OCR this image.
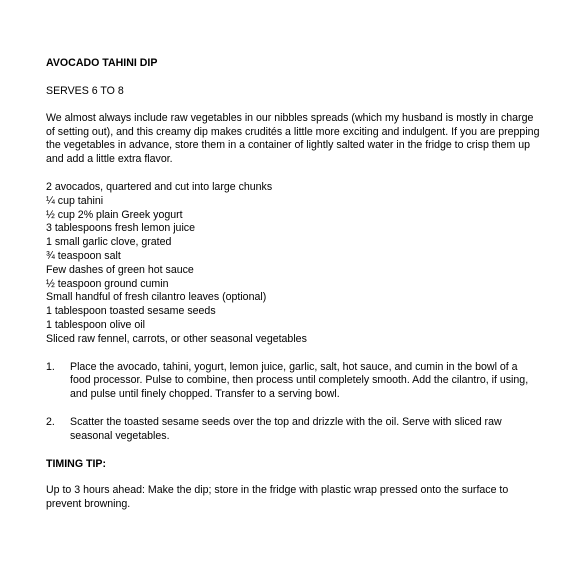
AVOCADO TAHINI DIP

SERVES 6 TO 8

We almost always include raw vegetables in our nibbles spreads (which my husband is mostly in charge of setting out), and this creamy dip makes crudités a little more exciting and indulgent. If you are prepping the vegetables in advance, store them in a container of lightly salted water in the fridge to crisp them up and add a little extra flavor.

2 avocados, quartered and cut into large chunks
¼ cup tahini
½ cup 2% plain Greek yogurt
3 tablespoons fresh lemon juice
1 small garlic clove, grated
¾ teaspoon salt
Few dashes of green hot sauce
½ teaspoon ground cumin
Small handful of fresh cilantro leaves (optional)
1 tablespoon toasted sesame seeds
1 tablespoon olive oil
Sliced raw fennel, carrots, or other seasonal vegetables
1. Place the avocado, tahini, yogurt, lemon juice, garlic, salt, hot sauce, and cumin in the bowl of a food processor. Pulse to combine, then process until completely smooth. Add the cilantro, if using, and pulse until finely chopped. Transfer to a serving bowl.
2. Scatter the toasted sesame seeds over the top and drizzle with the oil. Serve with sliced raw seasonal vegetables.

TIMING TIP:

Up to 3 hours ahead: Make the dip; store in the fridge with plastic wrap pressed onto the surface to prevent browning.
